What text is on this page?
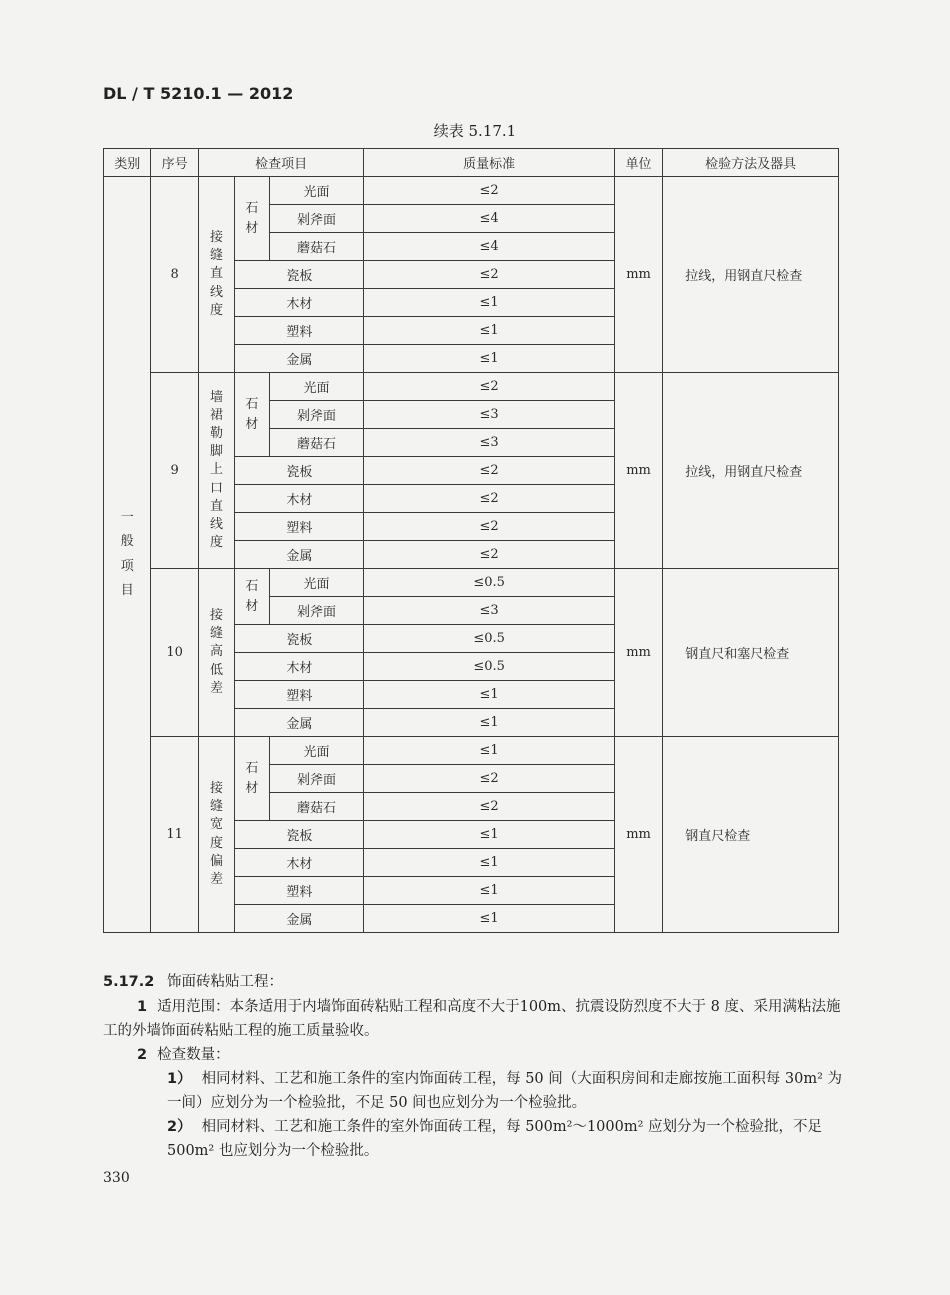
DL / T 5210.1 — 2012
续表 5.17.1
类别	序号	检查项目			质量标准	单位	检验方法及器具
一般项目	8	接缝直线度	石材	光面	≤2	mm	拉线，用钢直尺检查
				剁斧面	≤4		
				蘑菇石	≤4		
			瓷板		≤2		
			木材		≤1		
			塑料		≤1		
			金属		≤1		
	9	墙裙勒脚上口直线度	石材	光面	≤2	mm	拉线，用钢直尺检查
				剁斧面	≤3		
				蘑菇石	≤3		
			瓷板		≤2		
			木材		≤2		
			塑料		≤2		
			金属		≤2		
	10	接缝高低差	石材	光面	≤0.5	mm	钢直尺和塞尺检查
				剁斧面	≤3		
			瓷板		≤0.5		
			木材		≤0.5		
			塑料		≤1		
			金属		≤1		
	11	接缝宽度偏差	石材	光面	≤1	mm	钢直尺检查
				剁斧面	≤2		
				蘑菇石	≤2		
			瓷板		≤1		
			木材		≤1		
			塑料		≤1		
			金属		≤1		
5.17.2 饰面砖粘贴工程：
1 适用范围：本条适用于内墙饰面砖粘贴工程和高度不大于100m、抗震设防烈度不大于 8 度、采用满粘法施工的外墙饰面砖粘贴工程的施工质量验收。
2 检查数量：
1） 相同材料、工艺和施工条件的室内饰面砖工程，每 50 间（大面积房间和走廊按施工面积每 30m² 为一间）应划分为一个检验批，不足 50 间也应划分为一个检验批。
2） 相同材料、工艺和施工条件的室外饰面砖工程，每 500m²～1000m² 应划分为一个检验批，不足 500m² 也应划分为一个检验批。
330
